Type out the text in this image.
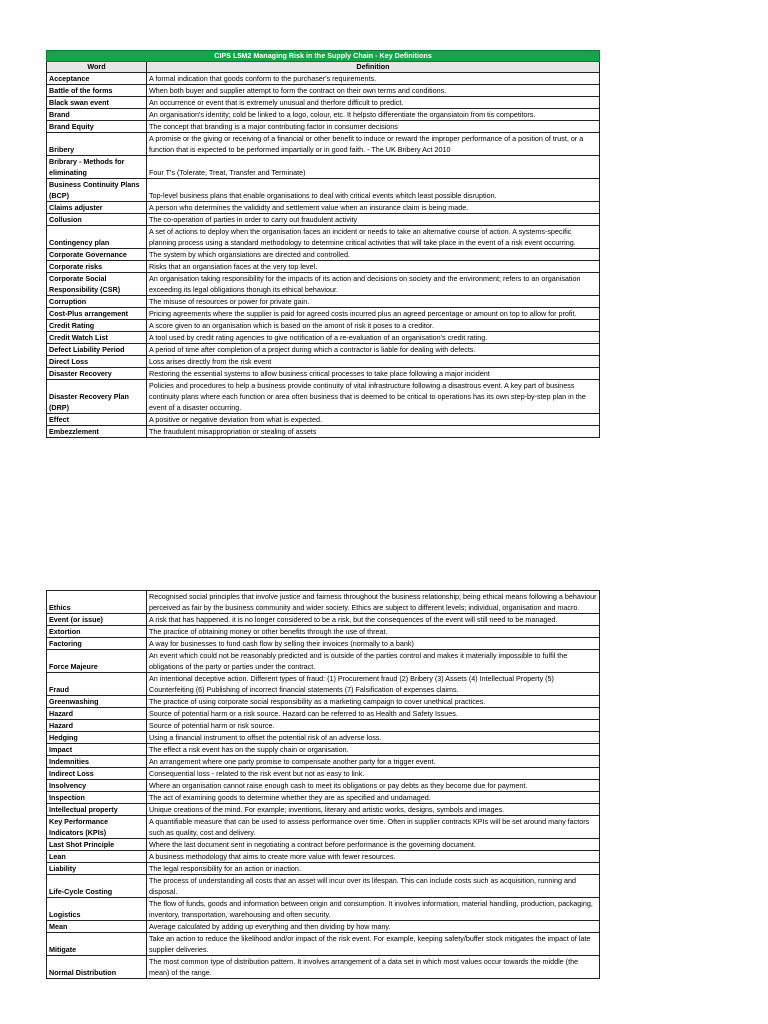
CIPS L5M2 Managing Risk in the Supply Chain - Key Definitions	
Word	Definition
Acceptance	A formal indication that goods conform to the purchaser's requirements.
Battle of the forms	When both buyer and supplier attempt to form the contract on their own terms and conditions.
Black swan event	An occurrence or event that is extremely unusual and therfore difficult to predict.
Brand	An organisation's identity; cold be linked to a logo, colour, etc. It helpsto differentiate the organsiatoin from tis competitors.
Brand Equity	The concept that branding is a major contributing factor in consumer decisions
Bribery	A promise or the giving or receiving of a financial or other benefit to induce or reward the improper performance of a position of trust, or a function that is expected to be performed impartially or in good faith. - The UK Bribery Act 2010
Bribrary - Methods for eliminating	Four T's (Tolerate, Treat, Transfer and Terminate)
Business Continuity Plans (BCP)	Top-level business plans that enable organisations to deal with critical events whitch least possible disruption.
Claims adjuster	A person who determines the valididty and settlement value when an insurance claim is being made.
Collusion	The co-operation of parties in order to carry out fraudulent activity
Contingency plan	A set of actions to deploy when the organisation faces an incident or needs to take an alternative course of action. A systems-specific planning process using a standard methodology to determine critical activities that will take place in the event of a risk event occurring.
Corporate Governance	The system by which organsiations are directed and controlled.
Corporate risks	Risks that an organsiation faces at the very top level.
Corporate Social Responsibility (CSR)	An organisation taking responsibility for the impacts of its action and decisions on society and the environment; refers to an organisation exceeding its legal obligations thorugh its ethical behaviour.
Corruption	The misuse of resources or power for private gain.
Cost-Plus arrangement	Pricing agreements where the supplier is paid for agreed costs incurred plus an agreed percentage or amount on top to allow for profit.
Credit Rating	A score given to an organisation which is based on the amont of risk it poses to a creditor.
Credit Watch List	A tool used by credit rating agencies to give notification of a re-evaluation of an organisation's credit rating.
Defect Liability Period	A period of time after completion of a project during which a contractor is liable for dealing with defects.
Direct Loss	Loss arises directly from the risk event
Disaster Recovery	Restoring the essential systems to allow business critical processes to take place following a major incident
Disaster Recovery Plan (DRP)	Policies and procedures to help a business provide continuity of vital infrastructure following a disastrous event. A key part of business continuity plans where each function or area often business that is deemed to be critical to operations has its own step-by-step plan in the event of a disaster occurring.
Effect	A positive or negative deviation from what is expected.
Embezzlement	The fraudulent misappropriation or stealing of assets
Ethics	Recognised social principles that involve justice and fairness throughout the business relationship; being ethical means following a behaviour perceived as fair by the business community and wider society. Ethics are subject to different levels; individual, organisation and macro.
Event (or issue)	A risk that has happened. it is no longer considered to be a risk, but the consequences of the event will still need to be managed.
Extortion	The practice of obtaining money or other benefits through the use of threat.
Factoring	A way for businesses to fund cash flow by selling their invoices (normally to a bank)
Force Majeure	An event which could not be reasonably predicted and is outside of the parties control and makes it materially impossible to fulfil the obligations of the party or parties under the contract.
Fraud	An intentional deceptive action. Different types of fraud: (1) Procurement fraud (2) Bribery (3) Assets (4) Intellectual Property (5) Counterfeiting (6) Publishing of incorrect financial statements (7) Falsification of expenses claims.
Greenwashing	The practice of using corporate social responsibility as a marketing campaign to cover unethical practices.
Hazard	Source of potential harm or a risk source. Hazard can be referred to as Health and Safety Issues.
Hazard	Source of potential harm or risk source.
Hedging	Using a financial instrument to offset the potential risk of an adverse loss.
Impact	The effect a risk event has on the supply chain or organisation.
Indemnities	An arrangement where one party promise to compensate another party for a trigger event.
Indirect Loss	Consequential loss - related to the risk event but not as easy to link.
Insolvency	Where an organisation cannot raise enough cash to meet its obligations or pay debts as they become due for payment.
Inspection	The act of examining goods to determine whether they are as specified and undamaged.
Intellectual property	Unique creations of the mind. For example; inventions, literary and artistic works, designs, symbols and images.
Key Performance Indicators (KPIs)	A quantifiable measure that can be used to assess performance over time. Often in supplier contracts KPIs will be set around many factors such as quality, cost and delivery.
Last Shot Principle	Where the last document sent in negotiating a contract before performance is the governing document.
Lean	A business methodology that aims to create more value with fewer resources.
Liability	The legal responsibility for an action or inaction.
Life-Cycle Costing	The process of understanding all costs that an asset will incur over its lifespan. This can include costs such as acquisition, running and disposal.
Logistics	The flow of funds, goods and information between origin and consumption. It involves information, material handling, production, packaging, inventory, transportation, warehousing and often security.
Mean	Average calculated by adding up everything and then dividing by how many.
Mitigate	Take an action to reduce the likelihood and/or impact of the risk event. For example, keeping safety/buffer stock mitigates the impact of late supplier deliveries.
Normal Distribution	The most common type of distribution pattern. It involves arrangement of a data set in which most values occur towards the middle (the mean) of the range.
